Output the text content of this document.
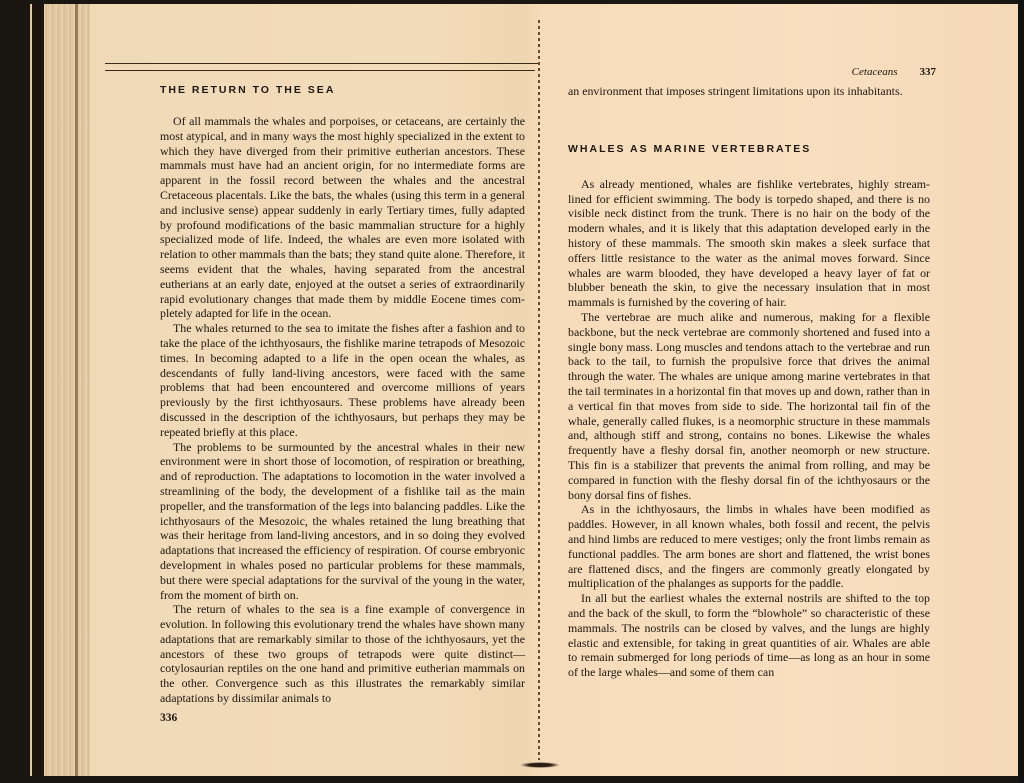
THE RETURN TO THE SEA

Of all mammals the whales and porpoises, or cetaceans, are certainly the most atypical, and in many ways the most highly specialized in the extent to which they have diverged from their primitive eutherian ancestors. These mammals must have had an ancient origin, for no intermediate forms are apparent in the fossil record between the whales and the ancestral Cretaceous placentals. Like the bats, the whales (using this term in a general and inclusive sense) appear suddenly in early Tertiary times, fully adapted by profound modifications of the basic mammalian structure for a highly specialized mode of life. Indeed, the whales are even more isolated with relation to other mammals than the bats; they stand quite alone. Therefore, it seems evident that the whales, having separated from the ancestral eutherians at an early date, enjoyed at the outset a series of extraordinarily rapid evolutionary changes that made them by middle Eocene times completely adapted for life in the ocean.

The whales returned to the sea to imitate the fishes after a fashion and to take the place of the ichthyosaurs, the fishlike marine tetrapods of Mesozoic times. In becoming adapted to a life in the open ocean the whales, as descendants of fully land-living ancestors, were faced with the same problems that had been encountered and overcome millions of years previously by the first ichthyosaurs. These problems have already been discussed in the description of the ichthyosaurs, but perhaps they may be repeated briefly at this place.

The problems to be surmounted by the ancestral whales in their new environment were in short those of locomotion, of respiration or breathing, and of reproduction. The adaptations to locomotion in the water involved a streamlining of the body, the development of a fishlike tail as the main propeller, and the transformation of the legs into balancing paddles. Like the ichthyosaurs of the Mesozoic, the whales retained the lung breathing that was their heritage from land-living ancestors, and in so doing they evolved adaptations that increased the efficiency of respiration. Of course embryonic development in whales posed no particular problems for these mammals, but there were special adaptations for the survival of the young in the water, from the moment of birth on.

The return of whales to the sea is a fine example of convergence in evolution. In following this evolutionary trend the whales have shown many adaptations that are remarkably similar to those of the ichthyosaurs, yet the ancestors of these two groups of tetrapods were quite distinct—cotylosaurian reptiles on the one hand and primitive eutherian mammals on the other. Convergence such as this illustrates the remarkably similar adaptations by dissimilar animals to

336
Cetaceans 337

an environment that imposes stringent limitations upon its inhabitants.

WHALES AS MARINE VERTEBRATES

As already mentioned, whales are fishlike vertebrates, highly streamlined for efficient swimming. The body is torpedo shaped, and there is no visible neck distinct from the trunk. There is no hair on the body of the modern whales, and it is likely that this adaptation developed early in the history of these mammals. The smooth skin makes a sleek surface that offers little resistance to the water as the animal moves forward. Since whales are warm blooded, they have developed a heavy layer of fat or blubber beneath the skin, to give the necessary insulation that in most mammals is furnished by the covering of hair.

The vertebrae are much alike and numerous, making for a flexible backbone, but the neck vertebrae are commonly shortened and fused into a single bony mass. Long muscles and tendons attach to the vertebrae and run back to the tail, to furnish the propulsive force that drives the animal through the water. The whales are unique among marine vertebrates in that the tail terminates in a horizontal fin that moves up and down, rather than in a vertical fin that moves from side to side. The horizontal tail fin of the whale, generally called flukes, is a neomorphic structure in these mammals and, although stiff and strong, contains no bones. Likewise the whales frequently have a fleshy dorsal fin, another neomorph or new structure. This fin is a stabilizer that prevents the animal from rolling, and may be compared in function with the fleshy dorsal fin of the ichthyosaurs or the bony dorsal fins of fishes.

As in the ichthyosaurs, the limbs in whales have been modified as paddles. However, in all known whales, both fossil and recent, the pelvis and hind limbs are reduced to mere vestiges; only the front limbs remain as functional paddles. The arm bones are short and flattened, the wrist bones are flattened discs, and the fingers are commonly greatly elongated by multiplication of the phalanges as supports for the paddle.

In all but the earliest whales the external nostrils are shifted to the top and the back of the skull, to form the “blowhole” so characteristic of these mammals. The nostrils can be closed by valves, and the lungs are highly elastic and extensible, for taking in great quantities of air. Whales are able to remain submerged for long periods of time—as long as an hour in some of the large whales—and some of them can
